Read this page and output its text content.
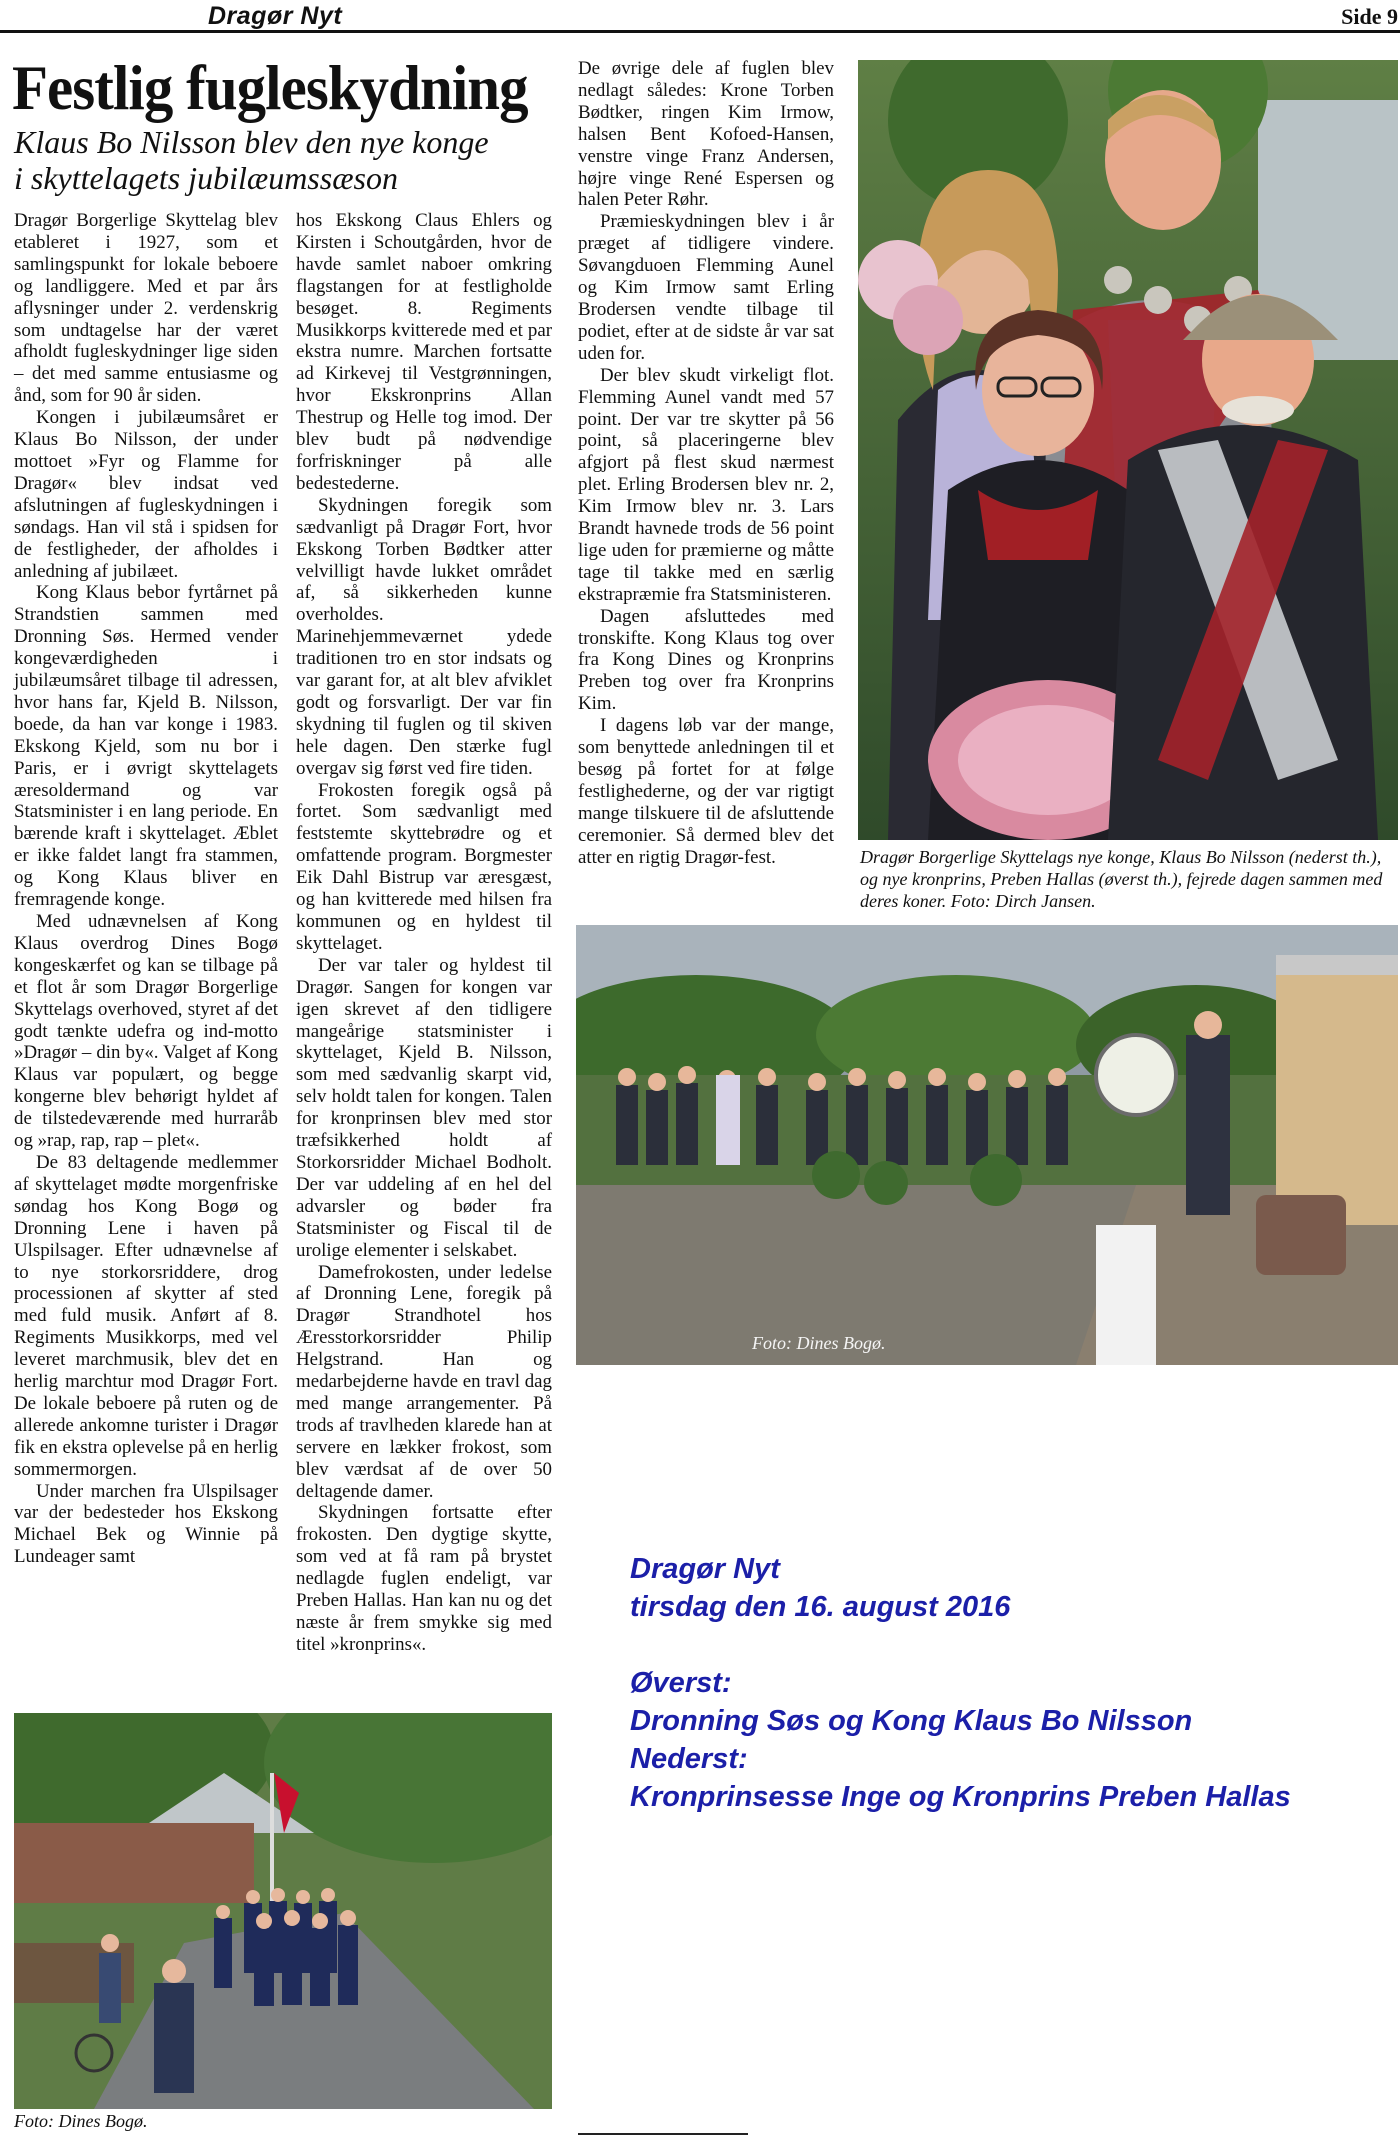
Dragør Nyt	Side 9
Festlig fugleskydning
Klaus Bo Nilsson blev den nye konge
i skyttelagets jubilæumssæson

Dragør Borgerlige Skyttelag blev etableret i 1927, som et samlingspunkt for lokale beboere og landliggere. Med et par års aflysninger under 2. verdenskrig som undtagelse har der været afholdt fugleskydninger lige siden – det med samme entusiasme og ånd, som for 90 år siden.

Kongen i jubilæumsåret er Klaus Bo Nilsson, der under mottoet »Fyr og Flamme for Dragør« blev indsat ved afslutningen af fugleskydningen i søndags. Han vil stå i spidsen for de festligheder, der afholdes i anledning af jubilæet.

Kong Klaus bebor fyrtårnet på Strandstien sammen med Dronning Søs. Hermed vender kongeværdigheden i jubilæumsåret tilbage til adressen, hvor hans far, Kjeld B. Nilsson, boede, da han var konge i 1983. Ekskong Kjeld, som nu bor i Paris, er i øvrigt skyttelagets æresoldermand og var Statsminister i en lang periode. En bærende kraft i skyttelaget. Æblet er ikke faldet langt fra stammen, og Kong Klaus bliver en fremragende konge.

Med udnævnelsen af Kong Klaus overdrog Dines Bogø kongeskærfet og kan se tilbage på et flot år som Dragør Borgerlige Skyttelags overhoved, styret af det godt tænkte udefra og ind-motto »Dragør – din by«. Valget af Kong Klaus var populært, og begge kongerne blev behørigt hyldet af de tilstedeværende med hurraråb og »rap, rap, rap – plet«.

De 83 deltagende medlemmer af skyttelaget mødte morgenfriske søndag hos Kong Bogø og Dronning Lene i haven på Ulspilsager. Efter udnævnelse af to nye storkorsriddere, drog processionen af skytter af sted med fuld musik. Anført af 8. Regiments Musikkorps, med vel leveret marchmusik, blev det en herlig marchtur mod Dragør Fort. De lokale beboere på ruten og de allerede ankomne turister i Dragør fik en ekstra oplevelse på en herlig sommermorgen.

Under marchen fra Ulspilsager var der bedesteder hos Ekskong Michael Bek og Winnie på Lundeager samt

hos Ekskong Claus Ehlers og Kirsten i Schoutgården, hvor de havde samlet naboer omkring flagstangen for at festligholde besøget. 8. Regiments Musikkorps kvitterede med et par ekstra numre. Marchen fortsatte ad Kirkevej til Vestgrønningen, hvor Ekskronprins Allan Thestrup og Helle tog imod. Der blev budt på nødvendige forfriskninger på alle bedestederne.

Skydningen foregik som sædvanligt på Dragør Fort, hvor Ekskong Torben Bødtker atter velvilligt havde lukket området af, så sikkerheden kunne overholdes. Marinehjemmeværnet ydede traditionen tro en stor indsats og var garant for, at alt blev afviklet godt og forsvarligt. Der var fin skydning til fuglen og til skiven hele dagen. Den stærke fugl overgav sig først ved fire tiden.

Frokosten foregik også på fortet. Som sædvanligt med feststemte skyttebrødre og et omfattende program. Borgmester Eik Dahl Bistrup var æresgæst, og han kvitterede med hilsen fra kommunen og en hyldest til skyttelaget.

Der var taler og hyldest til Dragør. Sangen for kongen var igen skrevet af den tidligere mangeårige statsminister i skyttelaget, Kjeld B. Nilsson, som med sædvanlig skarpt vid, selv holdt talen for kongen. Talen for kronprinsen blev med stor træfsikkerhed holdt af Storkorsridder Michael Bodholt. Der var uddeling af en hel del advarsler og bøder fra Statsminister og Fiscal til de urolige elementer i selskabet.

Damefrokosten, under ledelse af Dronning Lene, foregik på Dragør Strandhotel hos Æresstorkorsridder Philip Helgstrand. Han og medarbejderne havde en travl dag med mange arrangementer. På trods af travlheden klarede han at servere en lækker frokost, som blev værdsat af de over 50 deltagende damer.

Skydningen fortsatte efter frokosten. Den dygtige skytte, som ved at få ram på brystet nedlagde fuglen endeligt, var Preben Hallas. Han kan nu og det næste år frem smykke sig med titel »kronprins«.

De øvrige dele af fuglen blev nedlagt således: Krone Torben Bødtker, ringen Kim Irmow, halsen Bent Kofoed-Hansen, venstre vinge Franz Andersen, højre vinge René Espersen og halen Peter Røhr.

Præmieskydningen blev i år præget af tidligere vindere. Søvangduoen Flemming Aunel og Kim Irmow samt Erling Brodersen vendte tilbage til podiet, efter at de sidste år var sat uden for.

Der blev skudt virkeligt flot. Flemming Aunel vandt med 57 point. Der var tre skytter på 56 point, så placeringerne blev afgjort på flest skud nærmest plet. Erling Brodersen blev nr. 2, Kim Irmow blev nr. 3. Lars Brandt havnede trods de 56 point lige uden for præmierne og måtte tage til takke med en særlig ekstrapræmie fra Statsministeren.

Dagen afsluttedes med tronskifte. Kong Klaus tog over fra Kong Dines og Kronprins Preben tog over fra Kronprins Kim.

I dagens løb var der mange, som benyttede anledningen til et besøg på fortet for at følge festlighederne, og der var rigtigt mange tilskuere til de afsluttende ceremonier. Så dermed blev det atter en rigtig Dragør-fest.	Dragør Borgerlige Skyttelags nye konge, Klaus Bo Nilsson (nederst th.), og nye kronprins, Preben Hallas (øverst th.), fejrede dagen sammen med deres koner. Foto: Dirch Jansen.
Foto: Dines Bogø.
Foto: Dines Bogø.
Dragør Nyt
tirsdag den 16. august 2016
Øverst:
Dronning Søs og Kong Klaus Bo Nilsson
Nederst:
Kronprinsesse Inge og Kronprins Preben Hallas
